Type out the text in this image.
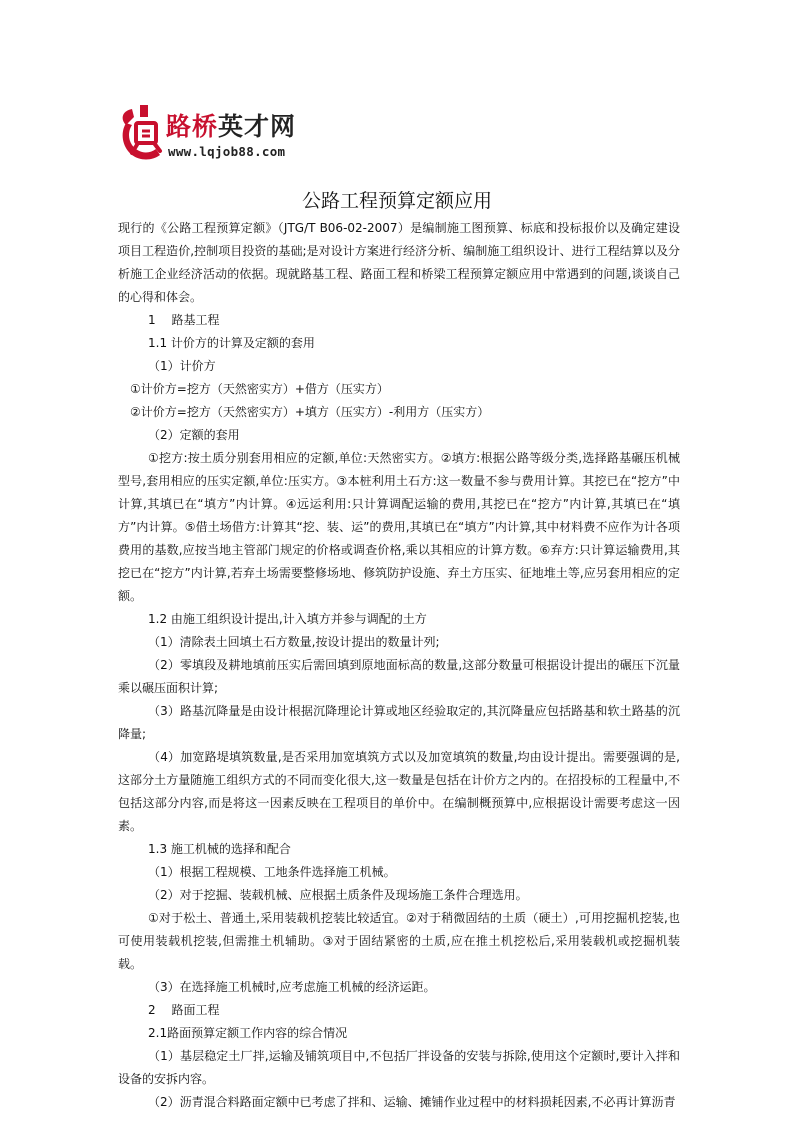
路桥英才网
www.lqjob88.com
公路工程预算定额应用

现行的《公路工程预算定额》（JTG/T B06-02-2007）是编制施工图预算、标底和投标报价以及确定建设项目工程造价,控制项目投资的基础;是对设计方案进行经济分析、编制施工组织设计、进行工程结算以及分析施工企业经济活动的依据。现就路基工程、路面工程和桥梁工程预算定额应用中常遇到的问题,谈谈自己的心得和体会。

1　 路基工程

1.1 计价方的计算及定额的套用

（1）计价方

①计价方=挖方（天然密实方）+借方（压实方）

②计价方=挖方（天然密实方）+填方（压实方）-利用方（压实方）

（2）定额的套用

①挖方:按土质分别套用相应的定额,单位:天然密实方。②填方:根据公路等级分类,选择路基碾压机械型号,套用相应的压实定额,单位:压实方。③本桩利用土石方:这一数量不参与费用计算。其挖已在“挖方”中计算,其填已在“填方”内计算。④远运利用:只计算调配运输的费用,其挖已在“挖方”内计算,其填已在“填方”内计算。⑤借土场借方:计算其“挖、装、运”的费用,其填已在“填方”内计算,其中材料费不应作为计各项费用的基数,应按当地主管部门规定的价格或调查价格,乘以其相应的计算方数。⑥弃方:只计算运输费用,其挖已在“挖方”内计算,若弃土场需要整修场地、修筑防护设施、弃土方压实、征地堆土等,应另套用相应的定额。

1.2 由施工组织设计提出,计入填方并参与调配的土方

（1）清除表土回填土石方数量,按设计提出的数量计列;

（2）零填段及耕地填前压实后需回填到原地面标高的数量,这部分数量可根据设计提出的碾压下沉量乘以碾压面积计算;

（3）路基沉降量是由设计根据沉降理论计算或地区经验取定的,其沉降量应包括路基和软土路基的沉降量;

（4）加宽路堤填筑数量,是否采用加宽填筑方式以及加宽填筑的数量,均由设计提出。需要强调的是,这部分土方量随施工组织方式的不同而变化很大,这一数量是包括在计价方之内的。在招投标的工程量中,不包括这部分内容,而是将这一因素反映在工程项目的单价中。在编制概预算中,应根据设计需要考虑这一因素。

1.3 施工机械的选择和配合

（1）根据工程规模、工地条件选择施工机械。

（2）对于挖掘、装载机械、应根据土质条件及现场施工条件合理选用。

①对于松土、普通土,采用装载机挖装比较适宜。②对于稍微固结的土质（硬土）,可用挖掘机挖装,也可使用装载机挖装,但需推土机辅助。③对于固结紧密的土质,应在推土机挖松后,采用装载机或挖掘机装载。

（3）在选择施工机械时,应考虑施工机械的经济运距。

2　 路面工程

2.1路面预算定额工作内容的综合情况

（1）基层稳定土厂拌,运输及铺筑项目中,不包括厂拌设备的安装与拆除,使用这个定额时,要计入拌和设备的安拆内容。

（2）沥青混合料路面定额中已考虑了拌和、运输、摊铺作业过程中的材料损耗因素,不必再计算沥青
